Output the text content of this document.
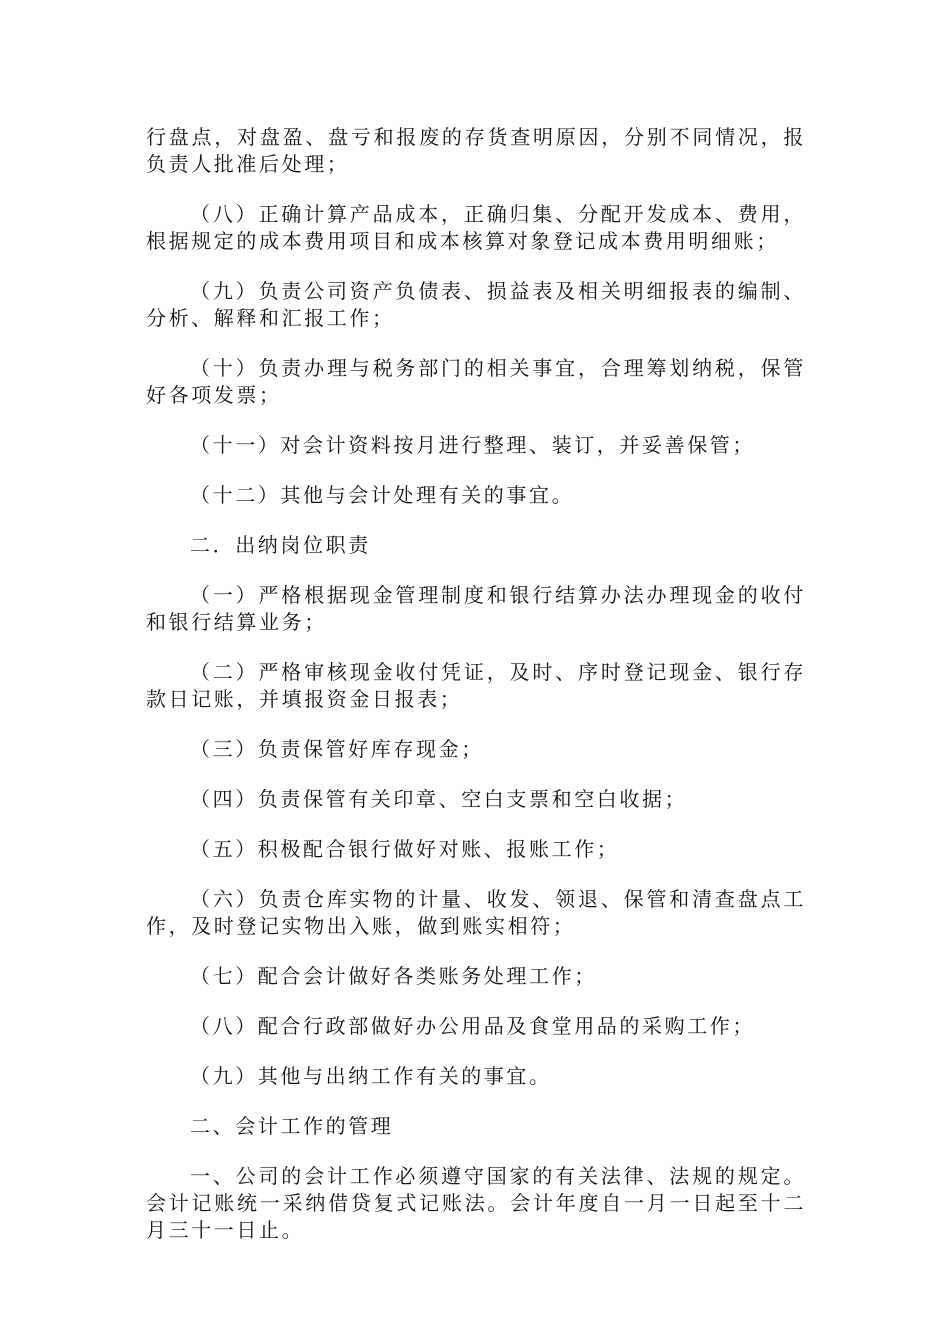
行盘点，对盘盈、盘亏和报废的存货查明原因，分别不同情况，报负责人批准后处理；

（八）正确计算产品成本，正确归集、分配开发成本、费用，根据规定的成本费用项目和成本核算对象登记成本费用明细账；

（九）负责公司资产负债表、损益表及相关明细报表的编制、分析、解释和汇报工作；

（十）负责办理与税务部门的相关事宜，合理筹划纳税，保管好各项发票；

（十一）对会计资料按月进行整理、装订，并妥善保管；

（十二）其他与会计处理有关的事宜。

二．出纳岗位职责

（一）严格根据现金管理制度和银行结算办法办理现金的收付和银行结算业务；

（二）严格审核现金收付凭证，及时、序时登记现金、银行存款日记账，并填报资金日报表；

（三）负责保管好库存现金；

（四）负责保管有关印章、空白支票和空白收据；

（五）积极配合银行做好对账、报账工作；

（六）负责仓库实物的计量、收发、领退、保管和清查盘点工作，及时登记实物出入账，做到账实相符；

（七）配合会计做好各类账务处理工作；

（八）配合行政部做好办公用品及食堂用品的采购工作；

（九）其他与出纳工作有关的事宜。

二、会计工作的管理

一、公司的会计工作必须遵守国家的有关法律、法规的规定。会计记账统一采纳借贷复式记账法。会计年度自一月一日起至十二月三十一日止。
